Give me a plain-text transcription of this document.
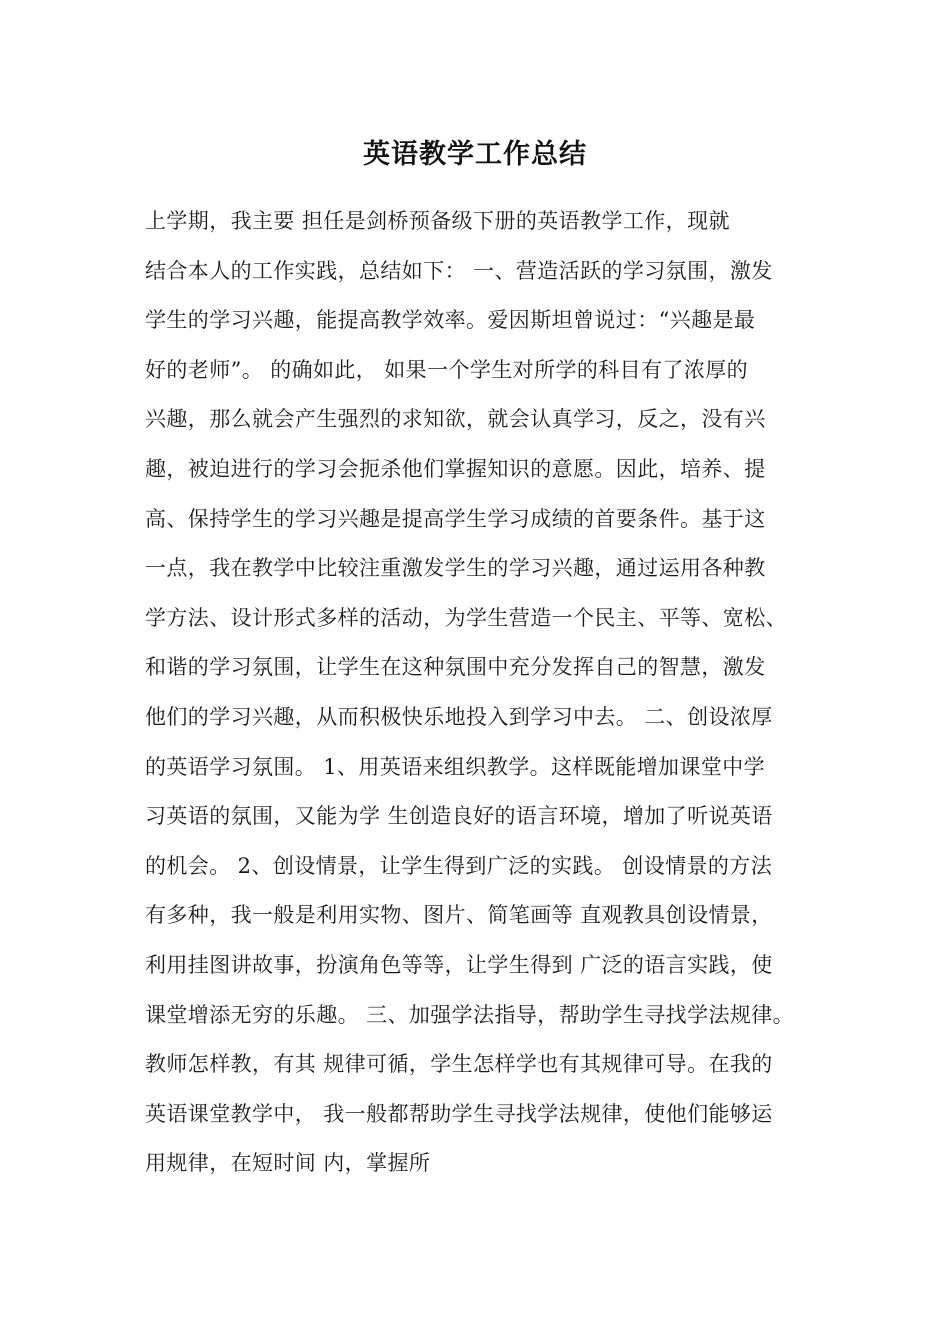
英语教学工作总结
上学期，我主要 担任是剑桥预备级下册的英语教学工作，现就
结合本人的工作实践，总结如下： 一、营造活跃的学习氛围，激发
学生的学习兴趣，能提高教学效率。爱因斯坦曾说过：“兴趣是最
好的老师”。 的确如此， 如果一个学生对所学的科目有了浓厚的
兴趣，那么就会产生强烈的求知欲，就会认真学习，反之，没有兴
趣，被迫进行的学习会扼杀他们掌握知识的意愿。因此，培养、提
高、保持学生的学习兴趣是提高学生学习成绩的首要条件。基于这
一点，我在教学中比较注重激发学生的学习兴趣，通过运用各种教
学方法、设计形式多样的活动，为学生营造一个民主、平等、宽松、
和谐的学习氛围，让学生在这种氛围中充分发挥自己的智慧，激发
他们的学习兴趣，从而积极快乐地投入到学习中去。 二、创设浓厚
的英语学习氛围。 1、用英语来组织教学。这样既能增加课堂中学
习英语的氛围，又能为学 生创造良好的语言环境，增加了听说英语
的机会。 2、创设情景，让学生得到广泛的实践。 创设情景的方法
有多种，我一般是利用实物、图片、简笔画等 直观教具创设情景，
利用挂图讲故事，扮演角色等等，让学生得到 广泛的语言实践，使
课堂增添无穷的乐趣。 三、加强学法指导，帮助学生寻找学法规律。
教师怎样教，有其 规律可循，学生怎样学也有其规律可导。在我的
英语课堂教学中， 我一般都帮助学生寻找学法规律，使他们能够运
用规律，在短时间 内，掌握所
